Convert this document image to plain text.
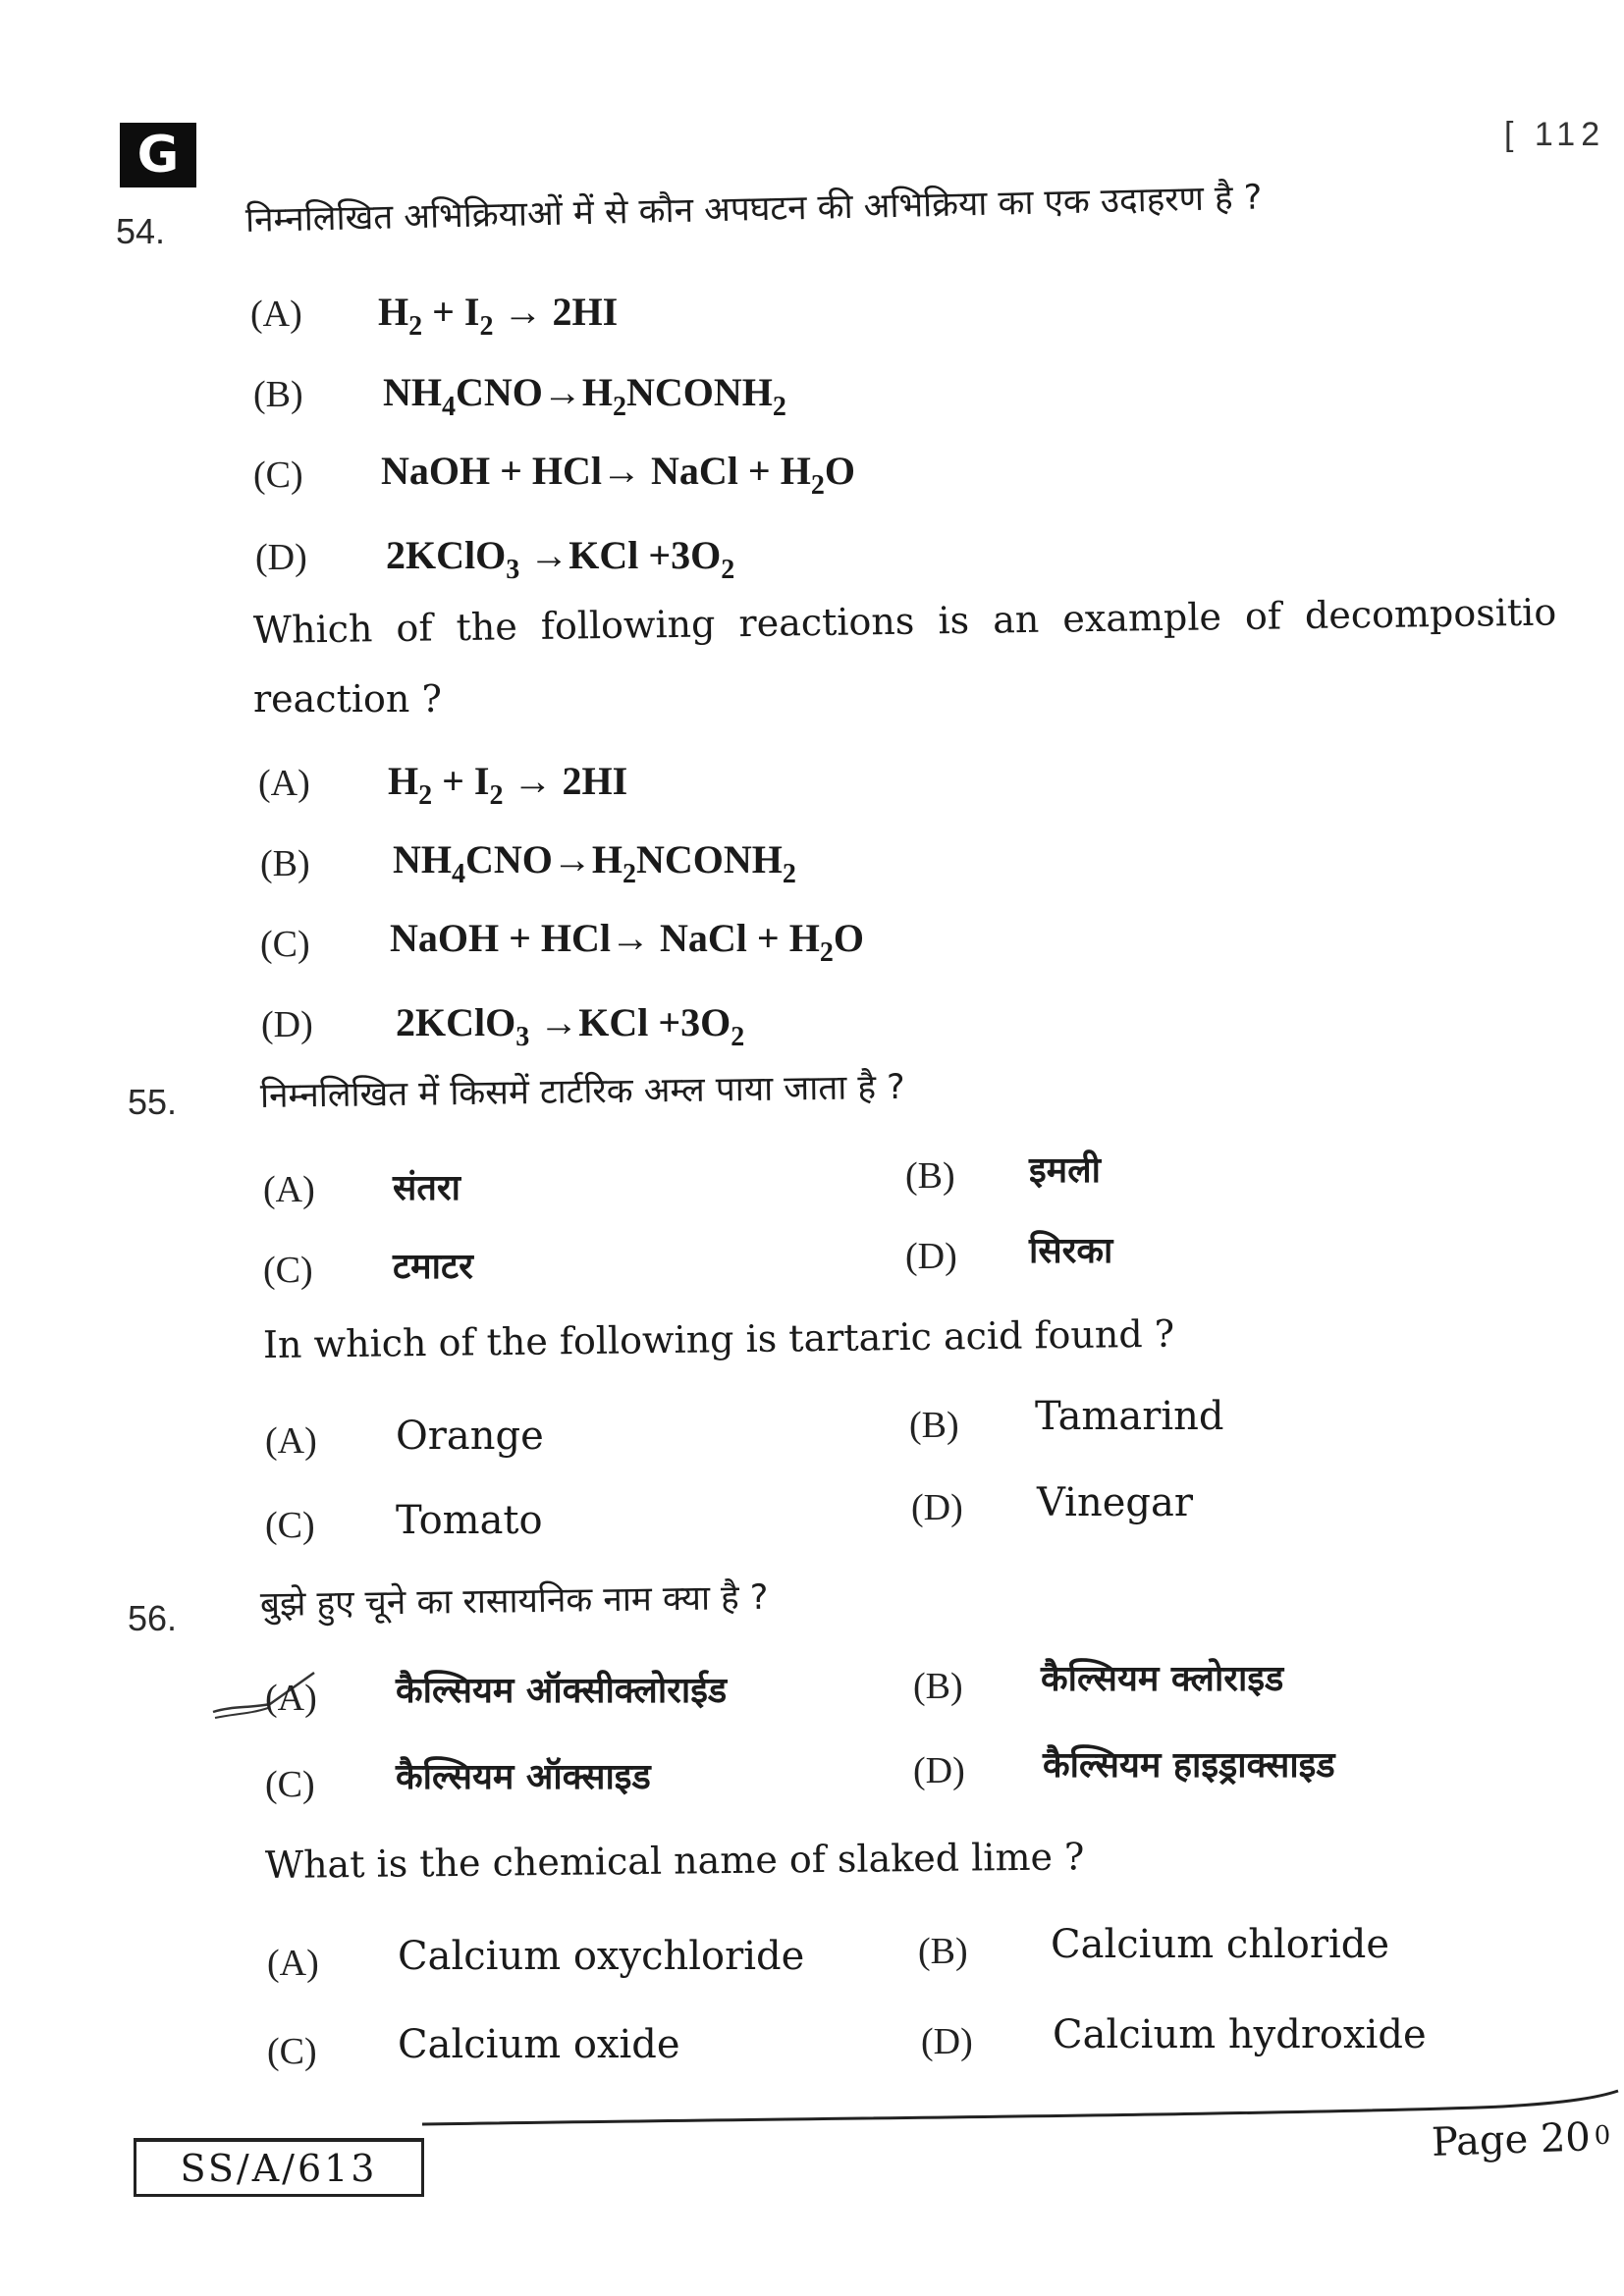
G	[ 112
54. निम्नलिखित अभिक्रियाओं में से कौन अपघटन की अभिक्रिया का एक उदाहरण है ?
(A) $H_2 + I_2 \to 2HI$
(B) $NH_4CNO\to H_2NCONH_2$
(C) NaOH + HCl→ NaCl + $H_2O$
(D) 2KClO$_3$ $\to KCl +3O_2$
Which of the following reactions is an example of decompositio
reaction ?
(A) $H_2 + I_2 \to 2HI$
(B) $NH_4CNO\to H_2NCONH_2$
(C) NaOH + HCl→ NaCl + $H_2O$
(D) 2KClO$_3$ $\to KCl +3O_2$
55. निम्नलिखित में किसमें टार्टरिक अम्ल पाया जाता है ?
(A) संतरा	(B) इमली
(C) टमाटर	(D) सिरका
In which of the following is tartaric acid found ?
(A) Orange	(B) Tamarind
(C) Tomato	(D) Vinegar
56. बुझे हुए चूने का रासायनिक नाम क्या है ?
(A) कैल्सियम ऑक्सीक्लोराईड	(B) कैल्सियम क्लोराइड
(C) कैल्सियम ऑक्साइड	(D) कैल्सियम हाइड्राक्साइड
What is the chemical name of slaked lime ?
(A) Calcium oxychloride	(B) Calcium chloride
(C) Calcium oxide	(D) Calcium hydroxide
SS/A/613
Page 20 0
